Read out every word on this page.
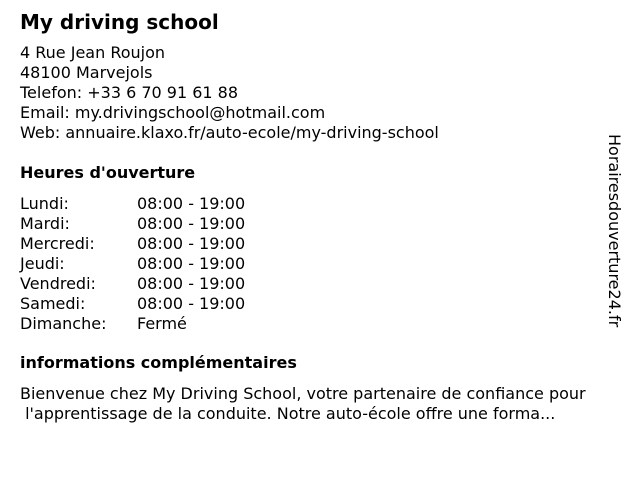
My driving school
4 Rue Jean Roujon
48100 Marvejols
Telefon: +33 6 70 91 61 88
Email: my.drivingschool@hotmail.com
Web: annuaire.klaxo.fr/auto-ecole/my-driving-school
Heures d'ouverture
Lundi:	08:00 - 19:00
Mardi:	08:00 - 19:00
Mercredi:	08:00 - 19:00
Jeudi:	08:00 - 19:00
Vendredi:	08:00 - 19:00
Samedi:	08:00 - 19:00
Dimanche:	Fermé
informations complémentaires
Bienvenue chez My Driving School, votre partenaire de confiance pour
l'apprentissage de la conduite. Notre auto-école offre une forma...
Horairesdouverture24.fr
